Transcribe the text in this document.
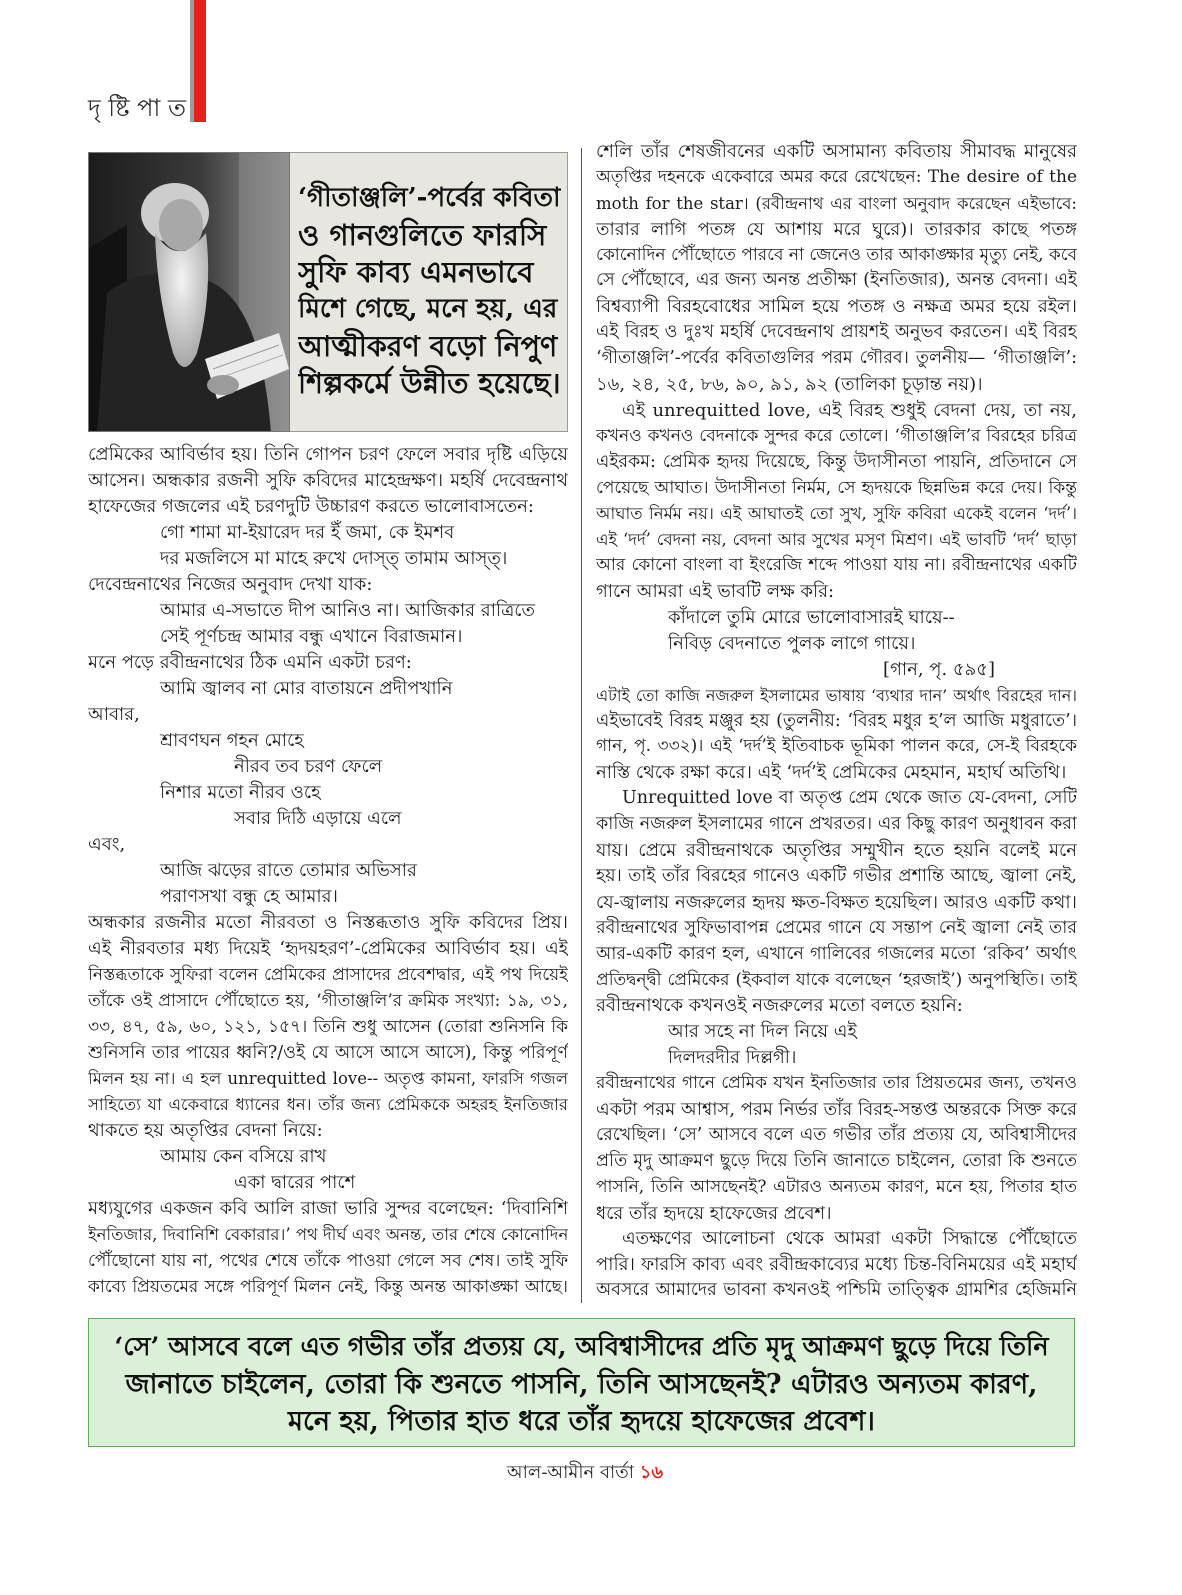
দৃ ষ্টি পা ত
‘গীতাঞ্জলি’-পর্বের কবিতা
ও গানগুলিতে ফারসি
সুফি কাব্য এমনভাবে
মিশে গেছে, মনে হয়, এর
আত্মীকরণ বড়ো নিপুণ
শিল্পকর্মে উন্নীত হয়েছে।
প্রেমিকের আবির্ভাব হয়। তিনি গোপন চরণ ফেলে সবার দৃষ্টি এড়িয়ে
আসেন। অন্ধকার রজনী সুফি কবিদের মাহেন্দ্রক্ষণ। মহর্ষি দেবেন্দ্রনাথ
হাফেজের গজলের এই চরণদুটি উচ্চারণ করতে ভালোবাসতেন:
গো শামা মা-ইয়ারেদ দর ইঁ জমা, কে ইমশব
দর মজলিসে মা মাহে রুখে দোস্‌ত্ তামাম আস্ত্।
দেবেন্দ্রনাথের নিজের অনুবাদ দেখা যাক:
আমার এ-সভাতে দীপ আনিও না। আজিকার রাত্রিতে
সেই পূর্ণচন্দ্র আমার বন্ধু এখানে বিরাজমান।
মনে পড়ে রবীন্দ্রনাথের ঠিক এমনি একটা চরণ:
আমি জ্বালব না মোর বাতায়নে প্রদীপখানি
আবার,
শ্রাবণঘন গহন মোহে
নীরব তব চরণ ফেলে
নিশার মতো নীরব ওহে
সবার দিঠি এড়ায়ে এলে
এবং,
আজি ঝড়ের রাতে তোমার অভিসার
পরাণসখা বন্ধু হে আমার।
অন্ধকার রজনীর মতো নীরবতা ও নিস্তব্ধতাও সুফি কবিদের প্রিয়।
এই নীরবতার মধ্য দিয়েই ‘হৃদয়হরণ’-প্রেমিকের আবির্ভাব হয়। এই
নিস্তব্ধতাকে সুফিরা বলেন প্রেমিকের প্রাসাদের প্রবেশদ্বার, এই পথ দিয়েই
তাঁকে ওই প্রাসাদে পৌঁছোতে হয়, ‘গীতাঞ্জলি’র ক্রমিক সংখ্যা: ১৯, ৩১,
৩৩, ৪৭, ৫৯, ৬০, ১২১, ১৫৭। তিনি শুধু আসেন (তোরা শুনিসনি কি
শুনিসনি তার পায়ের ধ্বনি?/ওই যে আসে আসে আসে), কিন্তু পরিপূর্ণ
মিলন হয় না। এ হল unrequitted love-- অতৃপ্ত কামনা, ফারসি গজল
সাহিত্যে যা একেবারে ধ্যানের ধন। তাঁর জন্য প্রেমিককে অহরহ ইনতিজার
থাকতে হয় অতৃপ্তির বেদনা নিয়ে:
আমায় কেন বসিয়ে রাখ
একা দ্বারের পাশে
মধ্যযুগের একজন কবি আলি রাজা ভারি সুন্দর বলেছেন: ‘দিবানিশি
ইনতিজার, দিবানিশি বেকারার।’ পথ দীর্ঘ এবং অনন্ত, তার শেষে কোনোদিন
পৌঁছোনো যায় না, পথের শেষে তাঁকে পাওয়া গেলে সব শেষ। তাই সুফি
কাব্যে প্রিয়তমের সঙ্গে পরিপূর্ণ মিলন নেই, কিন্তু অনন্ত আকাঙ্ক্ষা আছে।
শেলি তাঁর শেষজীবনের একটি অসামান্য কবিতায় সীমাবদ্ধ মানুষের
অতৃপ্তির দহনকে একেবারে অমর করে রেখেছেন: The desire of the
moth for the star। (রবীন্দ্রনাথ এর বাংলা অনুবাদ করেছেন এইভাবে:
তারার লাগি পতঙ্গ যে আশায় মরে ঘুরে)। তারকার কাছে পতঙ্গ
কোনোদিন পৌঁছোতে পারবে না জেনেও তার আকাঙ্ক্ষার মৃত্যু নেই, কবে
সে পৌঁছোবে, এর জন্য অনন্ত প্রতীক্ষা (ইনতিজার), অনন্ত বেদনা। এই
বিশ্বব্যাপী বিরহবোধের সামিল হয়ে পতঙ্গ ও নক্ষত্র অমর হয়ে রইল।
এই বিরহ ও দুঃখ মহর্ষি দেবেন্দ্রনাথ প্রায়শই অনুভব করতেন। এই বিরহ
‘গীতাঞ্জলি’-পর্বের কবিতাগুলির পরম গৌরব। তুলনীয়— ‘গীতাঞ্জলি’:
১৬, ২৪, ২৫, ৮৬, ৯০, ৯১, ৯২ (তালিকা চূড়ান্ত নয়)।
এই unrequitted love, এই বিরহ শুধুই বেদনা দেয়, তা নয়,
কখনও কখনও বেদনাকে সুন্দর করে তোলে। ‘গীতাঞ্জলি’র বিরহের চরিত্র
এইরকম: প্রেমিক হৃদয় দিয়েছে, কিন্তু উদাসীনতা পায়নি, প্রতিদানে সে
পেয়েছে আঘাত। উদাসীনতা নির্মম, সে হৃদয়কে ছিন্নভিন্ন করে দেয়। কিন্তু
আঘাত নির্মম নয়। এই আঘাতই তো সুখ, সুফি কবিরা একেই বলেন ‘দর্দ’।
এই ‘দর্দ’ বেদনা নয়, বেদনা আর সুখের মসৃণ মিশ্রণ। এই ভাবটি ‘দর্দ’ ছাড়া
আর কোনো বাংলা বা ইংরেজি শব্দে পাওয়া যায় না। রবীন্দ্রনাথের একটি
গানে আমরা এই ভাবটি লক্ষ করি:
কাঁদালে তুমি মোরে ভালোবাসারই ঘায়ে--
নিবিড় বেদনাতে পুলক লাগে গায়ে।
[গান, পৃ. ৫৯৫]
এটাই তো কাজি নজরুল ইসলামের ভাষায় ‘ব্যথার দান’ অর্থাৎ বিরহের দান।
এইভাবেই বিরহ মঞ্জুর হয় (তুলনীয়: ‘বিরহ মধুর হ’ল আজি মধুরাতে’।
গান, পৃ. ৩৩২)। এই ‘দর্দ’ই ইতিবাচক ভূমিকা পালন করে, সে-ই বিরহকে
নাস্তি থেকে রক্ষা করে। এই ‘দর্দ’ই প্রেমিকের মেহমান, মহার্ঘ অতিথি।
Unrequitted love বা অতৃপ্ত প্রেম থেকে জাত যে-বেদনা, সেটি
কাজি নজরুল ইসলামের গানে প্রখরতর। এর কিছু কারণ অনুধাবন করা
যায়। প্রেমে রবীন্দ্রনাথকে অতৃপ্তির সম্মুখীন হতে হয়নি বলেই মনে
হয়। তাই তাঁর বিরহের গানেও একটি গভীর প্রশান্তি আছে, জ্বালা নেই,
যে-জ্বালায় নজরুলের হৃদয় ক্ষত-বিক্ষত হয়েছিল। আরও একটি কথা।
রবীন্দ্রনাথের সুফিভাবাপন্ন প্রেমের গানে যে সন্তাপ নেই জ্বালা নেই তার
আর-একটি কারণ হল, এখানে গালিবের গজলের মতো ‘রকিব’ অর্থাৎ
প্রতিদ্বন্দ্বী প্রেমিকের (ইকবাল যাকে বলেছেন ‘হরজাই’) অনুপস্থিতি। তাই
রবীন্দ্রনাথকে কখনওই নজরুলের মতো বলতে হয়নি:
আর সহে না দিল নিয়ে এই
দিলদরদীর দিল্লগী।
রবীন্দ্রনাথের গানে প্রেমিক যখন ইনতিজার তার প্রিয়তমের জন্য, তখনও
একটা পরম আশ্বাস, পরম নির্ভর তাঁর বিরহ-সন্তপ্ত অন্তরকে সিক্ত করে
রেখেছিল। ‘সে’ আসবে বলে এত গভীর তাঁর প্রত্যয় যে, অবিশ্বাসীদের
প্রতি মৃদু আক্রমণ ছুড়ে দিয়ে তিনি জানাতে চাইলেন, তোরা কি শুনতে
পাসনি, তিনি আসছেনই? এটারও অন্যতম কারণ, মনে হয়, পিতার হাত
ধরে তাঁর হৃদয়ে হাফেজের প্রবেশ।
এতক্ষণের আলোচনা থেকে আমরা একটা সিদ্ধান্তে পৌঁছোতে
পারি। ফারসি কাব্য এবং রবীন্দ্রকাব্যের মধ্যে চিন্ত-বিনিময়ের এই মহার্ঘ
অবসরে আমাদের ভাবনা কখনওই পশ্চিমি তাত্ত্বিক গ্রামশির হেজিমনি
‘সে’ আসবে বলে এত গভীর তাঁর প্রত্যয় যে, অবিশ্বাসীদের প্রতি মৃদু আক্রমণ ছুড়ে দিয়ে তিনি
জানাতে চাইলেন, তোরা কি শুনতে পাসনি, তিনি আসছেনই? এটারও অন্যতম কারণ,
মনে হয়, পিতার হাত ধরে তাঁর হৃদয়ে হাফেজের প্রবেশ।
আল-আমীন বার্তা ১৬
